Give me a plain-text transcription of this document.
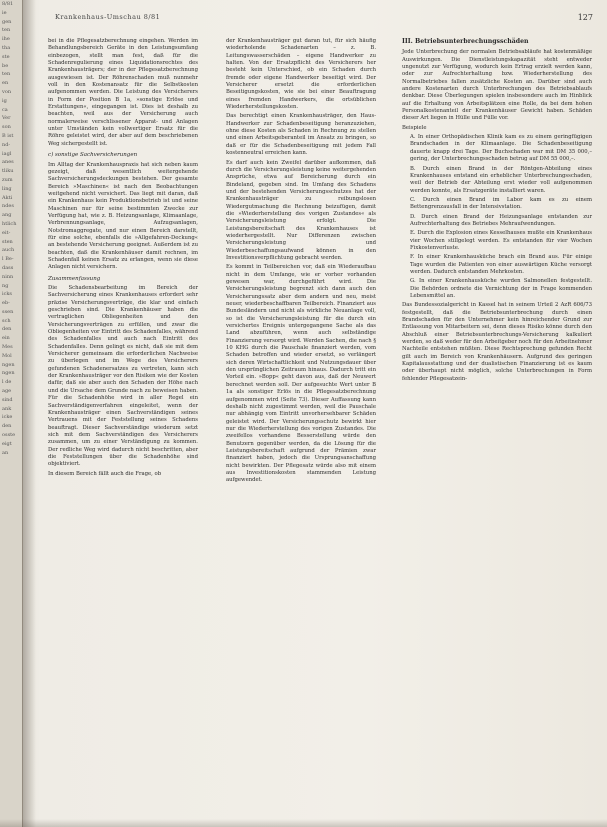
8/81
ie
gen
ten
ihe
tha
ste
be
ten
en
von
ig
ca
Ver
son
B ist
nd-
iagl
anes
tliku
zum
ling
Akti
ndes
ang
htlich
eit-
sten
auch
l Be-
dass
ninn
ng
icks
eb-
ssen
sch
den
ein
Mes
Mol
ngen
ngen
l de
age
sind
ank
icke
den
osste
eigt
an
Krankenhaus-Umschau 8/81	127

bei in die Pflegesatzberechnung eingehen. Werden im Behandlungsbereich Geräte in den Leistungsumfang einbezogen, stellt man fest, daß für die Schadenregulierung eines Liquidationsrechtes des Krankenhausträgers; der in der Pflegesatzberechnung ausgewiesen ist. Der Röhrenschaden muß nunmehr voll in den Kostenansatz für die Selbstkosten aufgenommen werden. Die Leistung des Versicherers in Form der Position B 1a, »sonstige Erlöse und Erstattungen«, eingegangen ist. Dies ist deshalb zu beachten, weil aus der Versicherung auch normalerweise verschlissener Apparat- und Anlagen unter Umständen kein vollwertiger Ersatz für die Röhre geleistet wird, der aber auf dem beschriebenen Weg sichergestellt ist.

c) sonstige Sachversicherungen

Im Alltag der Krankenhauspraxis hat sich neben kaum gezeigt, daß wesentlich weitergehende Sachversicherungsdeckungen bestehen. Der gesamte Bereich »Maschinen« ist nach den Beobachtungen weitgehend nicht versichert. Das liegt mit daran, daß ein Krankenhaus kein Produktionsbetrieb ist und seine Maschinen nur für seine bestimmten Zwecke zur Verfügung hat, wie z. B. Heizungsanlage, Klimaanlage, Verbrennungsanlage, Aufzugsanlagen, Notstromaggregate, und nur einen Bereich darstellt, für eine solche, ebenfalls die »Allgefahren-Deckung« an bestehende Versicherung geeignet. Außerdem ist zu beachten, daß die Krankenhäuser damit rechnen, im Schadenfall keinen Ersatz zu erlangen, wenn sie diese Anlagen nicht versichern.

Zusammenfassung

Die Schadensbearbeitung im Bereich der Sachversicherung eines Krankenhauses erfordert sehr präzise Versicherungsverträge, die klar und einfach geschrieben sind. Die Krankenhäuser haben die vertraglichen Obliegenheiten und den Versicherungsverträgen zu erfüllen, und zwar die Obliegenheiten vor Eintritt des Schadenfalles, während des Schadenfalles und auch nach Eintritt des Schadenfalles. Denn gelingt es nicht, daß sie mit dem Versicherer gemeinsam die erforderlichen Nachweise zu überlegen und im Wege des Versicherers gefundenen Schadenersatzes zu vertreten, kann sich der Krankenhausträger vor den Risiken wie der Kosten dafür, daß sie aber auch den Schaden der Höhe nach und die Ursache dem Grunde nach zu beweisen haben. Für die Schadenhöhe wird in aller Regel ein Sachverständigenverfahren eingeleitet, wenn der Krankenhausträger einen Sachverständigen seines Vertrauens mit der Feststellung seines Schadens beauftragt. Dieser Sachverständige wiederum setzt sich mit dem Sachverständigen des Versicherers zusammen, um zu einer Verständigung zu kommen. Der redliche Weg wird dadurch nicht beschritten, aber die Feststellungen über die Schadenhöhe sind objektiviert.

In diesem Bereich fällt auch die Frage, ob

der Krankenhausträger gut daran tut, für sich häufig wiederholende Schadenarten – z. B. Leitungswasserschäden – eigene Handwerker zu halten. Von der Ersatzpflicht des Versicherers her besteht kein Unterschied, ob ein Schaden durch fremde oder eigene Handwerker beseitigt wird. Der Versicherer ersetzt die erforderlichen Beseitigungskosten, wie sie bei einer Beauftragung eines fremden Handwerkers, die ortsüblichen Wiederherstellungskosten.

Das berechtigt einen Krankenhausträger, den Haus-Handwerker zur Schadenbeseitigung heranzuziehen, ohne diese Kosten als Schaden in Rechnung zu stellen und einen Arbeitsgeberanteil im Ansatz zu bringen, so daß er für die Schadenbeseitigung mit jedem Fall kostenneutral erreichen kann.

Es darf auch kein Zweifel darüber aufkommen, daß durch die Versicherungsleistung keine weitergehenden Ansprüche, etwa auf Bereicherung durch ein Bindeland, gegeben sind. Im Umfang des Schadens und der bestehenden Versicherungsschutzes hat der Krankenhausträger zu reibungslosen Wiedergutmachung die Rechnung beizufügen, damit die »Wiederherstellung des vorigen Zustandes« als Versicherungsleistung erfolgt. Die Leistungsbereitschaft des Krankenhauses ist wiederhergestellt. Nur Differenzen zwischen Versicherungsleistung und Wiederbeschaffungsaufwand können in den Investitionsverpflichtung gebracht werden.

Es kommt in Teilbereichen vor, daß ein Wiederaufbau nicht in dem Umfange, wie er vorher vorhanden gewesen war, durchgeführt wird. Die Versicherungsleistung begrenzt sich dann auch den Versicherungssatz aber dem andern und neu, meist neuer, wiederbeschaffbaren Teilbereich. Finanziert aus Bundesländern und nicht als wirkliche Neuanlage voll, so ist die Versicherungsleistung für die durch ein versichertes Ereignis untergegangene Sache als das Land abzuführen, wenn auch selbständige Finanzierung versorgt wird. Werden Sachen, die nach § 10 KHG durch die Pauschale finanziert werden, vom Schaden betroffen und wieder ersetzt, so verlängert sich deren Wirtschaftlichkeit und Nutzungsdauer über den ursprünglichen Zeitraum hinaus. Dadurch tritt ein Vorteil ein. »Bopp« geht davon aus, daß der Neuwert berechnet werden soll. Der aufgesuchte Wert unter B 1a als sonstiger Erlös in die Pflegesatzberechnung aufgenommen wird (Seite 73). Dieser Auffassung kann deshalb nicht zugestimmt werden, weil die Pauschale nur abhängig vom Eintritt unvorhersehbarer Schäden geleistet wird. Der Versicherungsschutz bewirkt hier nur die Wiederherstellung des vorigen Zustandes. Die zweifellos vorhandene Besserstellung würde den Benutzern gegenüber werden, da die Lösung für die Leistungsbereitschaft aufgrund der Prämien zwar finanziert haben, jedoch die Ursprungsanschaffung nicht bewirkten. Der Pflegesatz würde also mit einem aus Investitionskosten stammenden Leistung aufgewendet.

III. Betriebsunterbrechungsschäden

Jede Unterbrechung der normalen Betriebsabläufe hat kostenmäßige Auswirkungen. Die Dienstleistungskapazität steht entweder ungenutzt zur Verfügung, wodurch kein Ertrag erzielt werden kann, oder zur Aufrechterhaltung bzw. Wiederherstellung des Normalbetriebes fallen zusätzliche Kosten an. Darüber sind auch andere Kostenarten durch Unterbrechungen des Betriebsablaufs denkbar. Diese Überlegungen spielen insbesondere auch im Hinblick auf die Erhaltung von Arbeitsplätzen eine Rolle, da bei dem hohen Personalkostenanteil der Krankenhäuser Gewicht haben. Schäden dieser Art liegen in Hülle und Fülle vor.

Beispiele

A. In einer Orthopädischen Klinik kam es zu einem geringfügigen Brandschaden in der Klimaanlage. Die Schadenbeseitigung dauerte knapp drei Tage. Der Buchschaden war mit DM 35 000,– gering, der Unterbrechungsschaden betrug auf DM 55 000,–.

B. Durch einen Brand in der Röntgen-Abteilung eines Krankenhauses entstand ein erheblicher Unterbrechungsschaden, weil der Betrieb der Abteilung erst wieder voll aufgenommen werden konnte, als Ersatzgeräte installiert waren.

C. Durch einen Brand im Labor kam es zu einem Bettengrenzausfall in der Intensivstation.

D. Durch einen Brand der Heizungsanlage entstanden zur Aufrechterhaltung des Betriebes Mehraufwendungen.

E. Durch die Explosion eines Kesselhauses mußte ein Krankenhaus vier Wochen stillgelegt werden. Es entstanden für vier Wochen Fixkostenverluste.

F. In einer Krankenhausküche brach ein Brand aus. Für einige Tage wurden die Patienten von einer auswärtigen Küche versorgt werden. Dadurch entstanden Mehrkosten.

G. In einer Krankenhausküche wurden Salmonellen festgestellt. Die Behörden ordnete die Vernichtung der in Frage kommenden Lebensmittel an.

Das Bundessozialgericht in Kassel hat in seinem Urteil 2 AzR 606/73 festgestellt, daß die Betriebsunterbrechung durch einen Brandschaden für den Unternehmer kein hinreichender Grund zur Entlassung von Mitarbeitern sei, denn dieses Risiko könne durch den Abschluß einer Betriebsunterbrechungs-Versicherung kalkuliert werden, so daß weder für den Arbeitgeber noch für den Arbeitnehmer Nachteile entstehen müßten. Diese Rechtsprechung gefunden Recht gilt auch im Bereich von Krankenhäusern. Aufgrund des geringen Kapitalausstattung und der dualistischen Finanzierung ist es kaum oder überhaupt nicht möglich, solche Unterbrechungen in Form fehlender Pflegesatzein-
